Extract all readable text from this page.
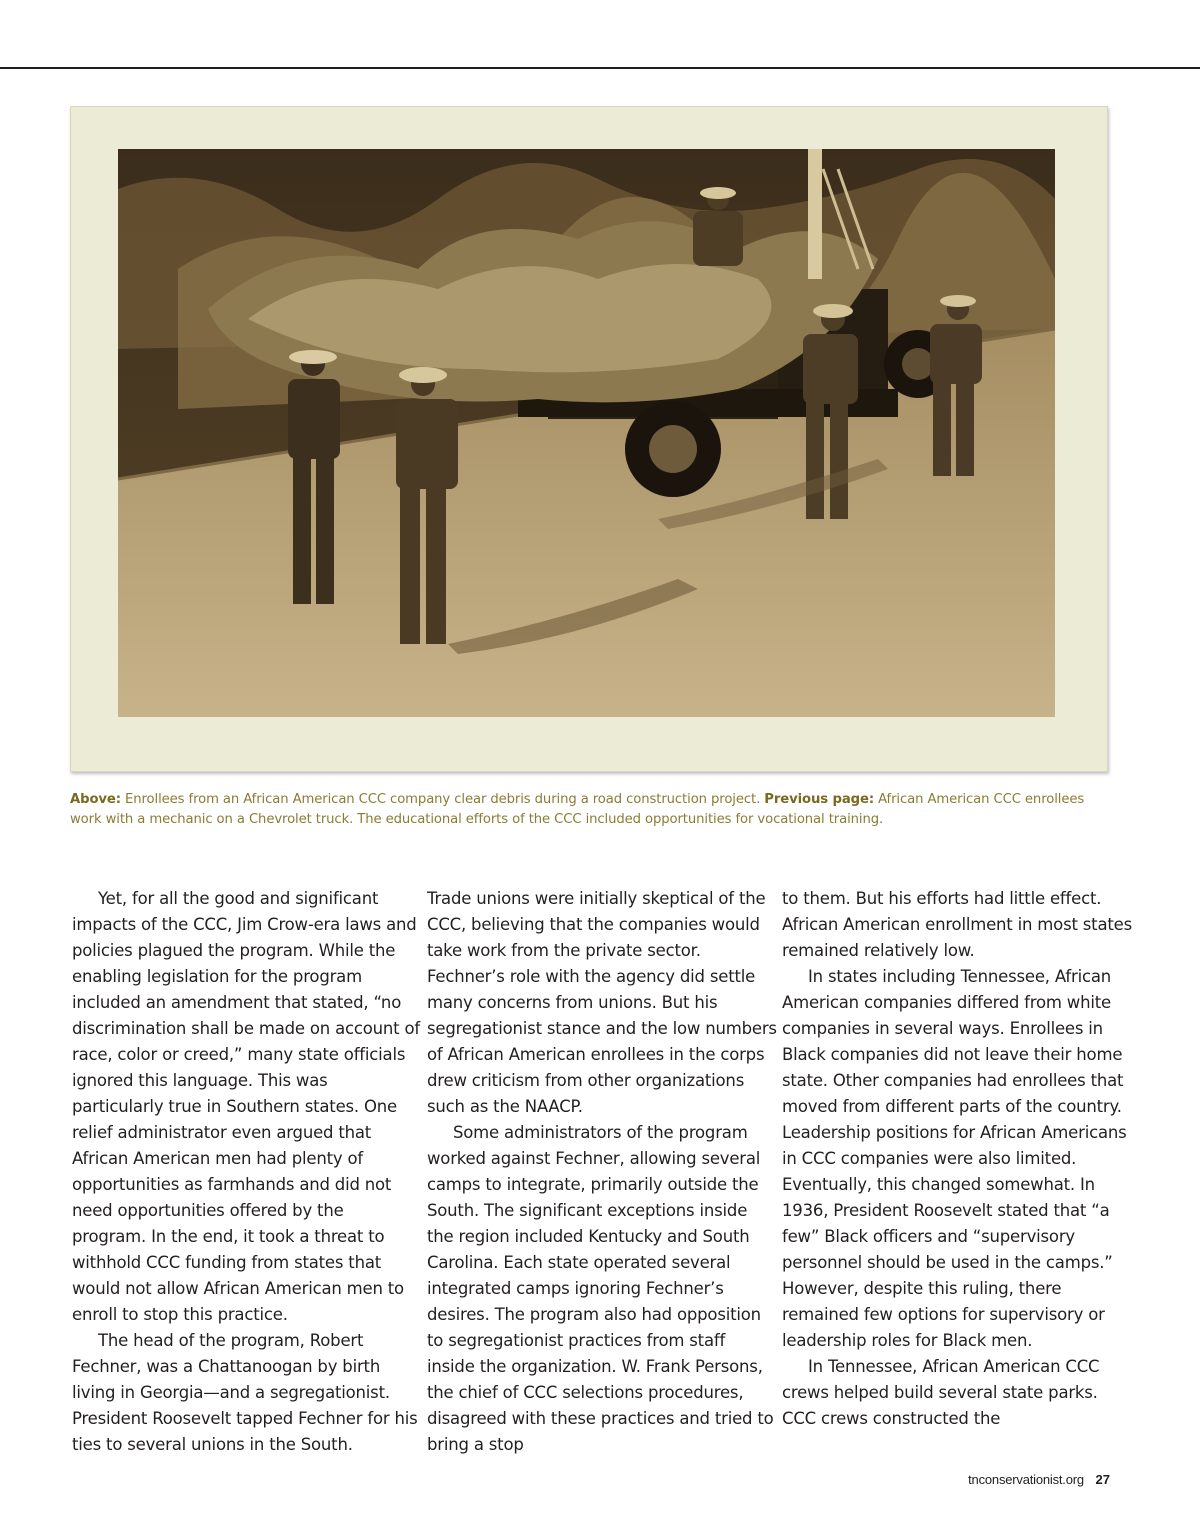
Above: Enrollees from an African American CCC company clear debris during a road construction project. Previous page: African American CCC enrollees work with a mechanic on a Chevrolet truck. The educational efforts of the CCC included opportunities for vocational training.

Yet, for all the good and significant impacts of the CCC, Jim Crow-era laws and policies plagued the program. While the enabling legislation for the program included an amendment that stated, “no discrimination shall be made on account of race, color or creed,” many state officials ignored this language. This was particularly true in Southern states. One relief administrator even argued that African American men had plenty of opportunities as farmhands and did not need opportunities offered by the program. In the end, it took a threat to withhold CCC funding from states that would not allow African American men to enroll to stop this practice.

The head of the program, Robert Fechner, was a Chattanoogan by birth living in Georgia—and a segregationist. President Roosevelt tapped Fechner for his ties to several unions in the South.

Trade unions were initially skeptical of the CCC, believing that the companies would take work from the private sector. Fechner’s role with the agency did settle many concerns from unions. But his segregationist stance and the low numbers of African American enrollees in the corps drew criticism from other organizations such as the NAACP.

Some administrators of the program worked against Fechner, allowing several camps to integrate, primarily outside the South. The significant exceptions inside the region included Kentucky and South Carolina. Each state operated several integrated camps ignoring Fechner’s desires. The program also had opposition to segregationist practices from staff inside the organization. W. Frank Persons, the chief of CCC selections procedures, disagreed with these practices and tried to bring a stop

to them. But his efforts had little effect. African American enrollment in most states remained relatively low.

In states including Tennessee, African American companies differed from white companies in several ways. Enrollees in Black companies did not leave their home state. Other companies had enrollees that moved from different parts of the country. Leadership positions for African Americans in CCC companies were also limited. Eventually, this changed somewhat. In 1936, President Roosevelt stated that “a few” Black officers and “supervisory personnel should be used in the camps.” However, despite this ruling, there remained few options for supervisory or leadership roles for Black men.

In Tennessee, African American CCC crews helped build several state parks. CCC crews constructed the

tnconservationist.org 27
